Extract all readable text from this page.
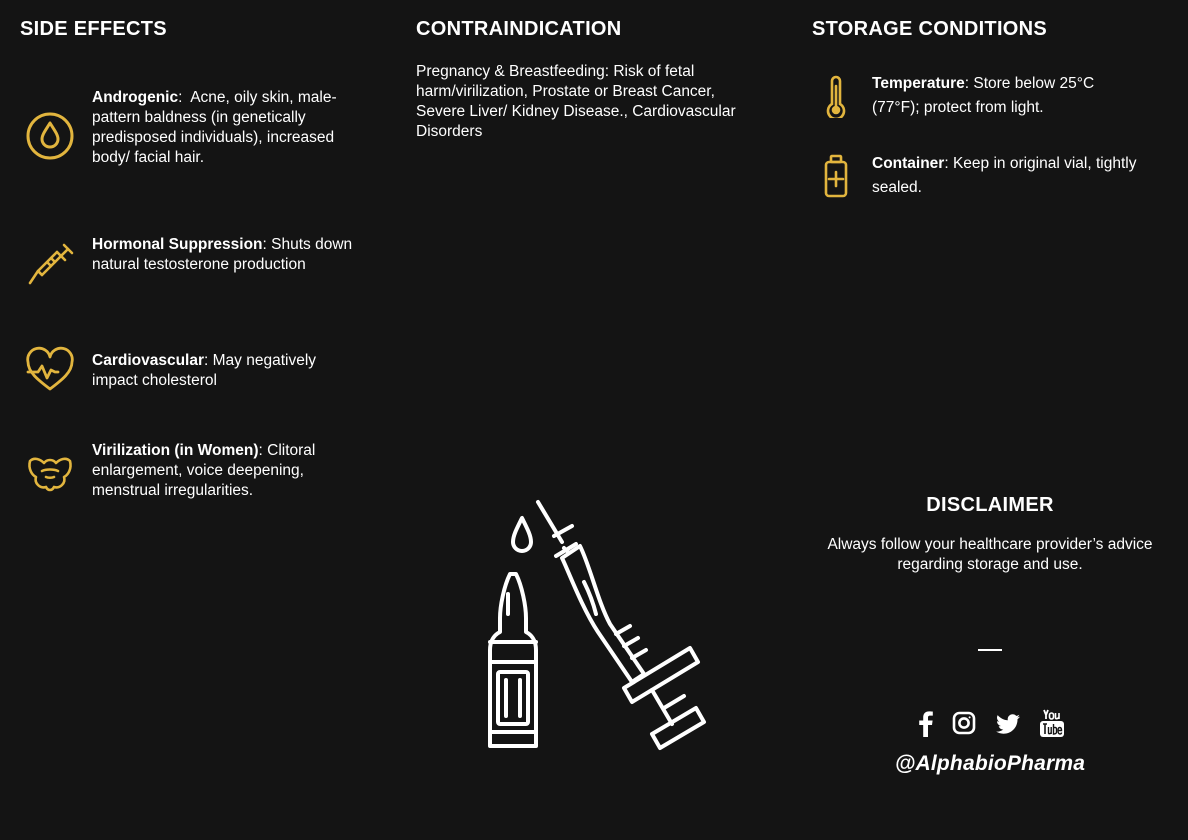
SIDE EFFECTS
Androgenic:  Acne, oily skin, male-pattern baldness (in genetically predisposed individuals), increased body/ facial hair.
Hormonal Suppression: Shuts down natural testosterone production
Cardiovascular: May negatively impact cholesterol
Virilization (in Women): Clitoral enlargement, voice deepening, menstrual irregularities.
CONTRAINDICATION
Pregnancy & Breastfeeding: Risk of fetal harm/virilization, Prostate or Breast Cancer, Severe Liver/ Kidney Disease., Cardiovascular Disorders
STORAGE CONDITIONS
Temperature: Store below 25°C (77°F); protect from light.
Container: Keep in original vial, tightly sealed.
DISCLAIMER

Always follow your healthcare provider’s advice regarding storage and use.

@AlphabioPharma
